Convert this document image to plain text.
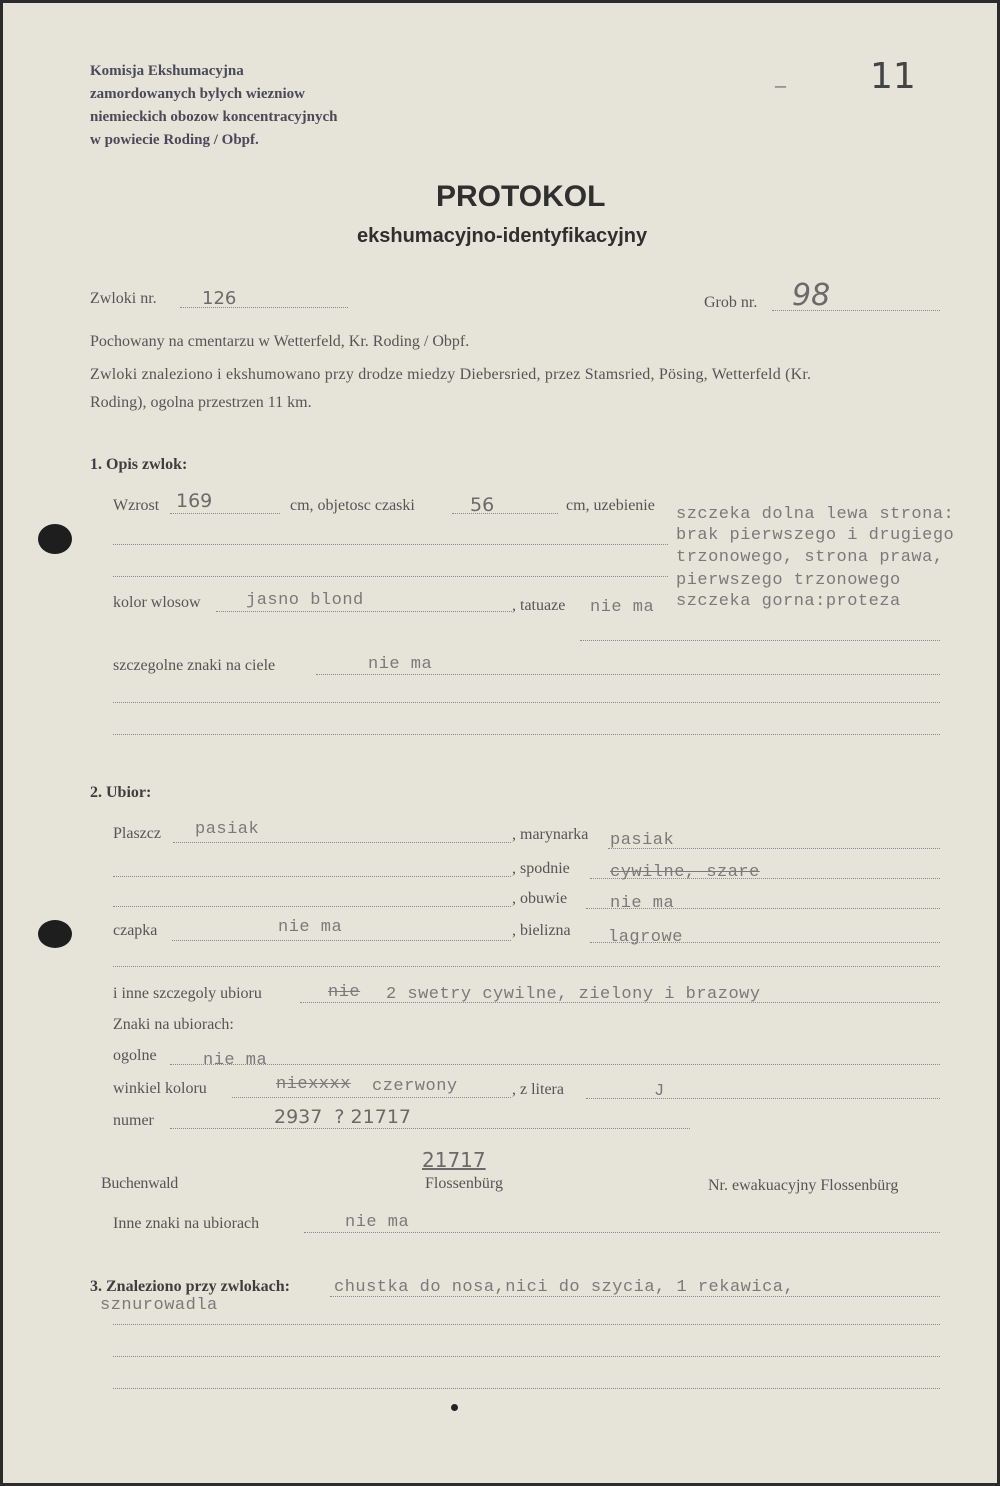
Komisja Ekshumacyjna
zamordowanych bylych wiezniow
niemieckich obozow koncentracyjnych
w powiecie Roding / Obpf.
– 11
PROTOKOL
ekshumacyjno-identyfikacyjny
Zwloki nr.	126	Grob nr. 98
Pochowany na cmentarzu w Wetterfeld, Kr. Roding / Obpf.
Zwloki znaleziono i ekshumowano przy drodze miedzy Diebersried, przez Stamsried, Pösing, Wetterfeld (Kr.
Roding), ogolna przestrzen 11 km.
1. Opis zwlok:
Wzrost 169	cm, objetosc czaski	56	cm, uzebienie szczeka dolna lewa strona:
brak pierwszego i drugiego
trzonowego, strona prawa,
pierwszego trzonowego
szczeka gorna:proteza
kolor wlosow	jasno blond	, tatuaze nie ma
szczegolne znaki na ciele	nie ma
2. Ubior:
Plaszcz pasiak	, marynarka pasiak
, spodnie cywilne, szare
, obuwie	nie ma
czapka	nie ma	, bielizna lagrowe
i inne szczegoly ubioru	nie 2 swetry cywilne, zielony i brazowy
Znaki na ubiorach:
ogolne	nie ma
winkiel koloru	niexxxx czerwony	, z litera	J
numer	2937  ? 21717
21717
Buchenwald	Flossenbürg	Nr. ewakuacyjny Flossenbürg
Inne znaki na ubiorach	nie ma
3. Znaleziono przy zwlokach:	chustka do nosa,nici do szycia, 1 rekawica,
sznurowadla
